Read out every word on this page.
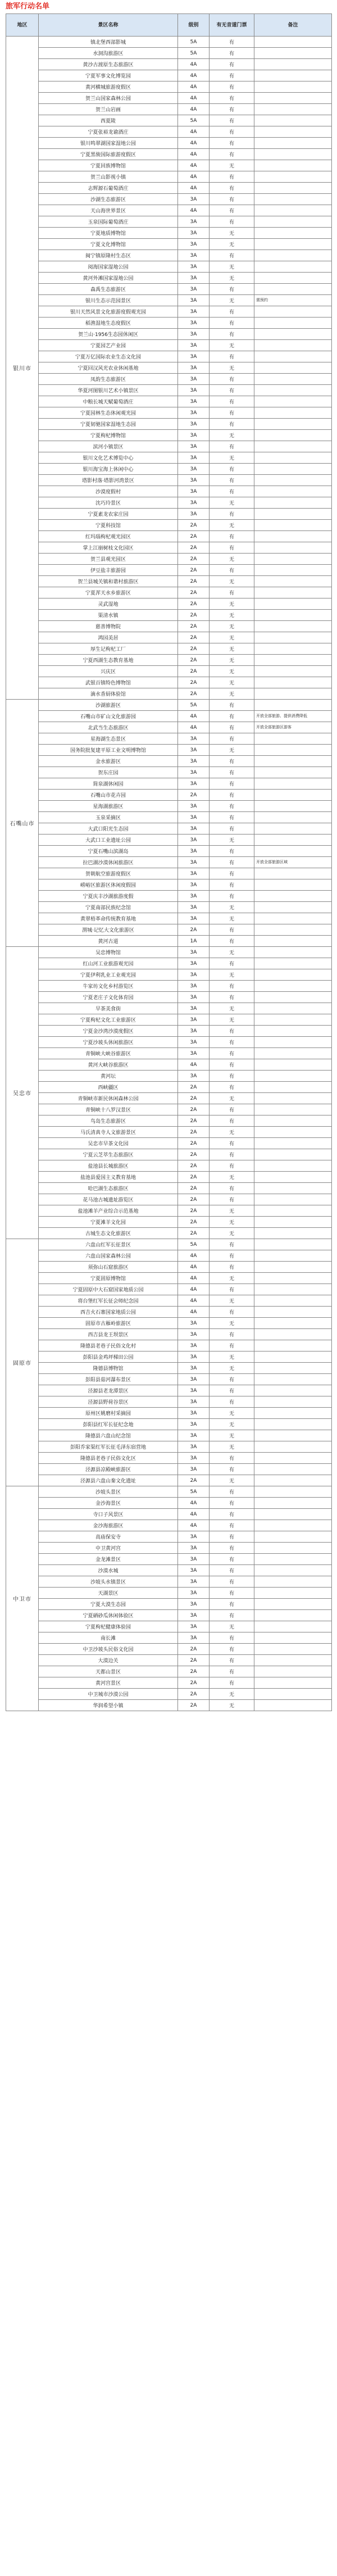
旅军行动名单
地区	景区名称	级别	有无音道门票	备注
银川市	镇北堡西部影城	5A	有	
	水洞沟旅游区	5A	有	
	黄沙古渡原生态旅游区	4A	有	
	宁夏军事文化博览园	4A	有	
	黄河横城旅游度假区	4A	有	
	贺兰山国家森林公园	4A	有	
	贺兰山岩画	4A	有	
	西夏陵	5A	有	
	宁夏张裕龙谕酒庄	4A	有	
	银川鸣翠湖国家湿地公园	4A	有	
	宁夏黑骏国际旅游度假区	4A	有	
	宁夏回族博物馆	4A	无	
	贺兰山影视小镇	4A	有	
	志辉源石葡萄酒庄	4A	有	
	沙湖生态旅游区	3A	有	
	天山海世界景区	4A	有	
	玉泉国际葡萄酒庄	3A	有	
	宁夏地质博物馆	3A	无	
	宁夏文化博物馆	3A	无	
	闽宁镇原隆村生态区	3A	有	
	阅海国家湿地公园	3A	无	
	黄河外滩国家湿地公园	3A	无	
	森禹生态旅游区	3A	有	
	银川生态示范园景区	3A	无	需预约
	银川天然风景文化旅游度假观光园	3A	有	
	稻渔湿地生态度假区	3A	有	
	贺兰山·1956生态园休闲区	3A	有	
	宁夏园艺产业园	3A	无	
	宁夏万亿国际农业生态文化园	3A	有	
	宁夏回汉风光农业休闲基地	3A	无	
	凤韵生态旅游区	3A	有	
	华夏河图银川艺术小镇景区	3A	有	
	中粮长城天赋葡萄酒庄	3A	有	
	宁夏园林生态休闲观光园	3A	有	
	宁夏韧驰国家湿地生态园	3A	有	
	宁夏枸杞博物馆	3A	无	
	滨河小镇景区	3A	有	
	银川文化艺术博览中心	3A	无	
	银川海宝海上休闲中心	3A	有	
	塔影村落·塔影河湾景区	3A	有	
	沙漠度假村	3A	有	
	沈巧玲景区	3A	无	
	宁夏素龙农家庄园	3A	有	
	宁夏科技馆	2A	无	
	红玛瑙枸杞观光园区	2A	有	
	掌上江崩树枝文化园区	2A	有	
	贺兰县观光园区	2A	无	
	伊豆盐丰旅游园	2A	有	
	贺兰县城关镇和谐村旅游区	2A	无	
	宁夏浑天水乡旅游区	2A	有	
	灵武湿地	2A	无	
	渠清水镇	2A	无	
	慈善博物院	2A	无	
	鸿园美居	2A	无	
	厚生记枸杞工厂	2A	无	
	宁夏西湖生态教育基地	2A	无	
	兴庆区	2A	无	
	武银百镇特色博物馆	2A	无	
	滴水香厨体验馆	2A	无	
石嘴山市	沙湖旅游区	5A	有	
	石嘴山市矿山文化旅游园	4A	有	开放全部旅游、提供消费降低
	北武当生态旅游区	4A	有	开放全部旅游区游客
	星海湖生态景区	3A	有	
	国务院批复建平原工业文明博物馆	3A	无	
	金水旅游区	3A	有	
	贺东庄园	3A	有	
	简泉湖休闲园	3A	有	
	石嘴山市花卉园	2A	有	
	星海湖旅游区	3A	有	
	玉泉采摘区	3A	有	
	大武口阳光生态园	3A	有	
	大武口工业遗址公园	3A	无	
	宁夏石嘴山滨湖岛	3A	有	
	拉巴湖沙漠休闲旅游区	3A	有	开放全部旅游区域
	贺朝航空旅游度假区	3A	有	
	崂峪区旅游区休闲度假园	3A	有	
	宁夏庆丰沙湖旅游度假	3A	有	
	宁夏南部民族纪念馆	3A	无	
	黄翠梧革命传统教育基地	3A	无	
	渭城·记忆大文化旅游区	2A	有	
	黄河古道	1A	有	
吴忠市	吴忠博物馆	3A	无	
	红山河工业旅游观光园	3A	有	
	宁夏伊利乳业工业观光园	3A	无	
	牛家坊文化乡村游览区	3A	有	
	宁夏老庄子文化体育园	3A	有	
	早茶美食街	3A	无	
	宁夏枸杞文化工业旅游区	3A	无	
	宁夏金沙湾沙漠度假区	3A	有	
	宁夏沙坡头休闲旅游区	3A	有	
	青铜峡大峡谷旅游区	3A	有	
	黄河大峡谷旅游区	4A	有	
	黄河坛	3A	有	
	西峡疆区	2A	有	
	青铜峡市新民休闲森林公园	2A	无	
	青铜峡十八罗汉景区	2A	有	
	鸟岛生态旅游区	2A	有	
	马氏清真寺人文旅游景区	2A	无	
	吴忠市早茶文化园	2A	有	
	宁夏云芝萃生态旅游区	2A	有	
	盐池县长城旅游区	2A	有	
	盐池县爱国主义教育基地	2A	无	
	哈巴湖生态旅游区	2A	有	
	花马池古城遗址游览区	2A	有	
	盐池滩羊产业综合示范基地	2A	无	
	宁夏滩羊文化园	2A	无	
	古城生态文化旅游区	2A	无	
固原市	六盘山红军长征景区	5A	有	
	六盘山国家森林公园	4A	有	
	须弥山石窟旅游区	4A	有	
	宁夏固原博物馆	4A	无	
	宁夏固原中大石窟国家地质公园	4A	有	
	将台堡红军长征会师纪念园	4A	无	
	西吉火石寨国家地质公园	4A	有	
	固原市古雁岭旅游区	3A	无	
	西吉县龙王坝景区	3A	有	
	隆德县老巷子民俗文化村	3A	有	
	彭阳县金鸡坪梯田公园	3A	无	
	隆德县博物馆	3A	无	
	彭阳县茹河瀑布景区	3A	有	
	泾源县老龙潭景区	3A	有	
	泾源县野荷谷景区	3A	有	
	原州区姚磨村采摘园	3A	无	
	彭阳县红军长征纪念地	3A	无	
	隆德县六盘山纪念馆	3A	无	
	彭阳乔家渠红军长征毛泽东宿营地	3A	无	
	隆德县老巷子民俗文化区	3A	有	
	泾源县凉殿峡旅游区	3A	有	
	泾源县六盘山秦文化遗址	2A	无	
中卫市	沙坡头景区	5A	有	
	金沙海景区	4A	有	
	寺口子风景区	4A	有	
	金沙海旅游区	4A	有	
	高庙保安寺	3A	有	
	中卫黄河宫	3A	有	
	金龙滩景区	3A	有	
	沙漠水城	3A	有	
	沙坡头水镇景区	3A	有	
	天湖景区	3A	有	
	宁夏大漠生态园	3A	有	
	宁夏硒砂瓜休闲体验区	3A	有	
	宁夏枸杞健康体验园	3A	无	
	南长滩	3A	有	
	中卫沙坡头民俗文化园	2A	有	
	大漠边关	2A	有	
	天都山景区	2A	有	
	黄河宫景区	2A	有	
	中卫城市沙漠公园	2A	无	
	华润希望小镇	2A	无	
